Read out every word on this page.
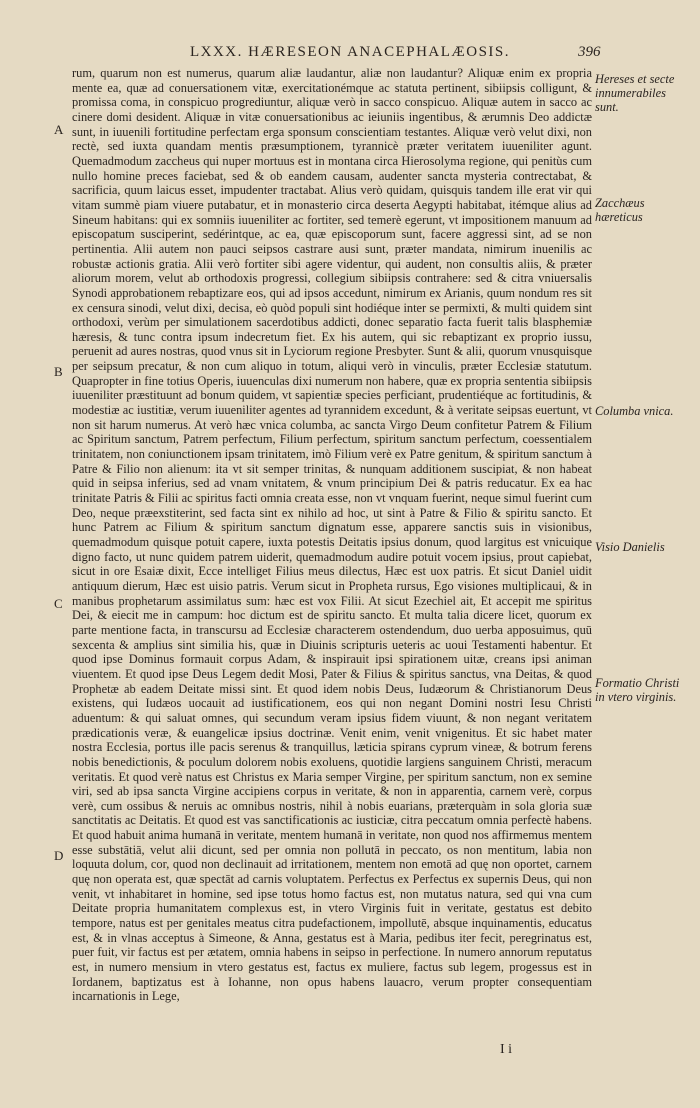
LXXX. HÆRESEON ANACEPHALÆOSIS.	396

rum, quarum non est numerus, quarum aliæ laudantur, aliæ non laudantur? Aliquæ enim ex propria mente ea, quæ ad conuersationem vitæ, exercitationémque ac statuta pertinent, sibiipsis colligunt, & promissa coma, in conspicuo progrediuntur, aliquæ verò in sacco conspicuo. Aliquæ autem in sacco ac cinere domi desident. Aliquæ in vitæ conuersationibus ac ieiuniis ingentibus, & ærumnis Deo addictæ sunt, in iuuenili fortitudine perfectam erga sponsum conscientiam testantes. Aliquæ verò velut dixi, non rectè, sed iuxta quandam mentis præsumptionem, tyrannicè præter veritatem iuueniliter agunt. Quemadmodum zaccheus qui nuper mortuus est in montana circa Hierosolyma regione, qui penitùs cum nullo homine preces faciebat, sed & ob eandem causam, audenter sancta mysteria contrectabat, & sacrificia, quum laicus esset, impudenter tractabat. Alius verò quidam, quisquis tandem ille erat vir qui vitam summè piam viuere putabatur, et in monasterio circa deserta Aegypti habitabat, itémque alius ad Sineum habitans: qui ex somniis iuueniliter ac fortiter, sed temerè egerunt, vt impositionem manuum ad episcopatum susciperint, sedérintque, ac ea, quæ episcoporum sunt, facere aggressi sint, ad se non pertinentia. Alii autem non pauci seipsos castrare ausi sunt, præter mandata, nimirum inuenilis ac robustæ actionis gratia. Alii verò fortiter sibi agere videntur, qui audent, non consultis aliis, & præter aliorum morem, velut ab orthodoxis progressi, collegium sibiipsis contrahere: sed & citra vniuersalis Synodi approbationem rebaptizare eos, qui ad ipsos accedunt, nimirum ex Arianis, quum nondum res sit ex censura sinodi, velut dixi, decisa, eò quòd populi sint hodiéque inter se permixti, & multi quidem sint orthodoxi, verùm per simulationem sacerdotibus addicti, donec separatio facta fuerit talis blasphemiæ hæresis, & tunc contra ipsum indecretum fiet. Ex his autem, qui sic rebaptizant ex proprio iussu, peruenit ad aures nostras, quod vnus sit in Lyciorum regione Presbyter. Sunt & alii, quorum vnusquisque per seipsum precatur, & non cum aliquo in totum, aliqui verò in vinculis, præter Ecclesiæ statutum. Quapropter in fine totius Operis, iuuenculas dixi numerum non habere, quæ ex propria sententia sibiipsis iuueniliter præstituunt ad bonum quidem, vt sapientiæ species perficiant, prudentiéque ac fortitudinis, & modestiæ ac iustitiæ, verum iuueniliter agentes ad tyrannidem excedunt, & à veritate seipsas euertunt, vt non sit harum numerus. At verò hæc vnica columba, ac sancta Virgo Deum confitetur Patrem & Filium ac Spiritum sanctum, Patrem perfectum, Filium perfectum, spiritum sanctum perfectum, coessentialem trinitatem, non coniunctionem ipsam trinitatem, imò Filium verè ex Patre genitum, & spiritum sanctum à Patre & Filio non alienum: ita vt sit semper trinitas, & nunquam additionem suscipiat, & non habeat quid in seipsa inferius, sed ad vnam vnitatem, & vnum principium Dei & patris reducatur. Ex ea hac trinitate Patris & Filii ac spiritus facti omnia creata esse, non vt vnquam fuerint, neque simul fuerint cum Deo, neque præexstiterint, sed facta sint ex nihilo ad hoc, ut sint à Patre & Filio & spiritu sancto. Et hunc Patrem ac Filium & spiritum sanctum dignatum esse, apparere sanctis suis in visionibus, quemadmodum quisque potuit capere, iuxta potestis Deitatis ipsius donum, quod largitus est vnicuique digno facto, ut nunc quidem patrem uiderit, quemadmodum audire potuit vocem ipsius, prout capiebat, sicut in ore Esaiæ dixit, Ecce intelliget Filius meus dilectus, Hæc est uox patris. Et sicut Daniel uidit antiquum dierum, Hæc est uisio patris. Verum sicut in Propheta rursus, Ego visiones multiplicaui, & in manibus prophetarum assimilatus sum: hæc est vox Filii. At sicut Ezechiel ait, Et accepit me spiritus Dei, & eiecit me in campum: hoc dictum est de spiritu sancto. Et multa talia dicere licet, quorum ex parte mentione facta, in transcursu ad Ecclesiæ characterem ostendendum, duo uerba apposuimus, quū sexcenta & amplius sint similia his, quæ in Diuinis scripturis ueteris ac uoui Testamenti habentur. Et quod ipse Dominus formauit corpus Adam, & inspirauit ipsi spirationem uitæ, creans ipsi animan viuentem. Et quod ipse Deus Legem dedit Mosi, Pater & Filius & spiritus sanctus, vna Deitas, & quod Prophetæ ab eadem Deitate missi sint. Et quod idem nobis Deus, Iudæorum & Christianorum Deus existens, qui Iudæos uocauit ad iustificationem, eos qui non negant Domini nostri Iesu Christi aduentum: & qui saluat omnes, qui secundum veram ipsius fidem viuunt, & non negant veritatem prædicationis veræ, & euangelicæ ipsius doctrinæ. Venit enim, venit vnigenitus. Et sic habet mater nostra Ecclesia, portus ille pacis serenus & tranquillus, læticia spirans cyprum vineæ, & botrum ferens nobis benedictionis, & poculum dolorem nobis exoluens, quotidie largiens sanguinem Christi, meracum veritatis. Et quod verè natus est Christus ex Maria semper Virgine, per spiritum sanctum, non ex semine viri, sed ab ipsa sancta Virgine accipiens corpus in veritate, & non in apparentia, carnem verè, corpus verè, cum ossibus & neruis ac omnibus nostris, nihil à nobis euarians, præterquàm in sola gloria suæ sanctitatis ac Deitatis. Et quod est vas sanctificationis ac iusticiæ, citra peccatum omnia perfectè habens. Et quod habuit anima humanā in veritate, mentem humanā in veritate, non quod nos affirmemus mentem esse substātiā, velut alii dicunt, sed per omnia non pollutā in peccato, os non mentitum, labia non loquuta dolum, cor, quod non declinauit ad irritationem, mentem non emotā ad quę non oportet, carnem quę non operata est, quæ spectāt ad carnis voluptatem. Perfectus ex Perfectus ex supernis Deus, qui non venit, vt inhabitaret in homine, sed ipse totus homo factus est, non mutatus natura, sed qui vna cum Deitate propria humanitatem complexus est, in vtero Virginis fuit in veritate, gestatus est debito tempore, natus est per genitales meatus citra pudefactionem, impollutē, absque inquinamentis, educatus est, & in vlnas acceptus à Simeone, & Anna, gestatus est à Maria, pedibus iter fecit, peregrinatus est, puer fuit, vir factus est per ætatem, omnia habens in seipso in perfectione. In numero annorum reputatus est, in numero mensium in vtero gestatus est, factus ex muliere, factus sub legem, progessus est in Iordanem, baptizatus est à Iohanne, non opus habens lauacro, verum propter consequentiam incarnationis in Lege,

Hereses et secte innumerabiles sunt.
Zacchæus hæreticus
Columba vnica.
Visio Danielis
Formatio Christi in vtero virginis.
A
B
C
D
I i
